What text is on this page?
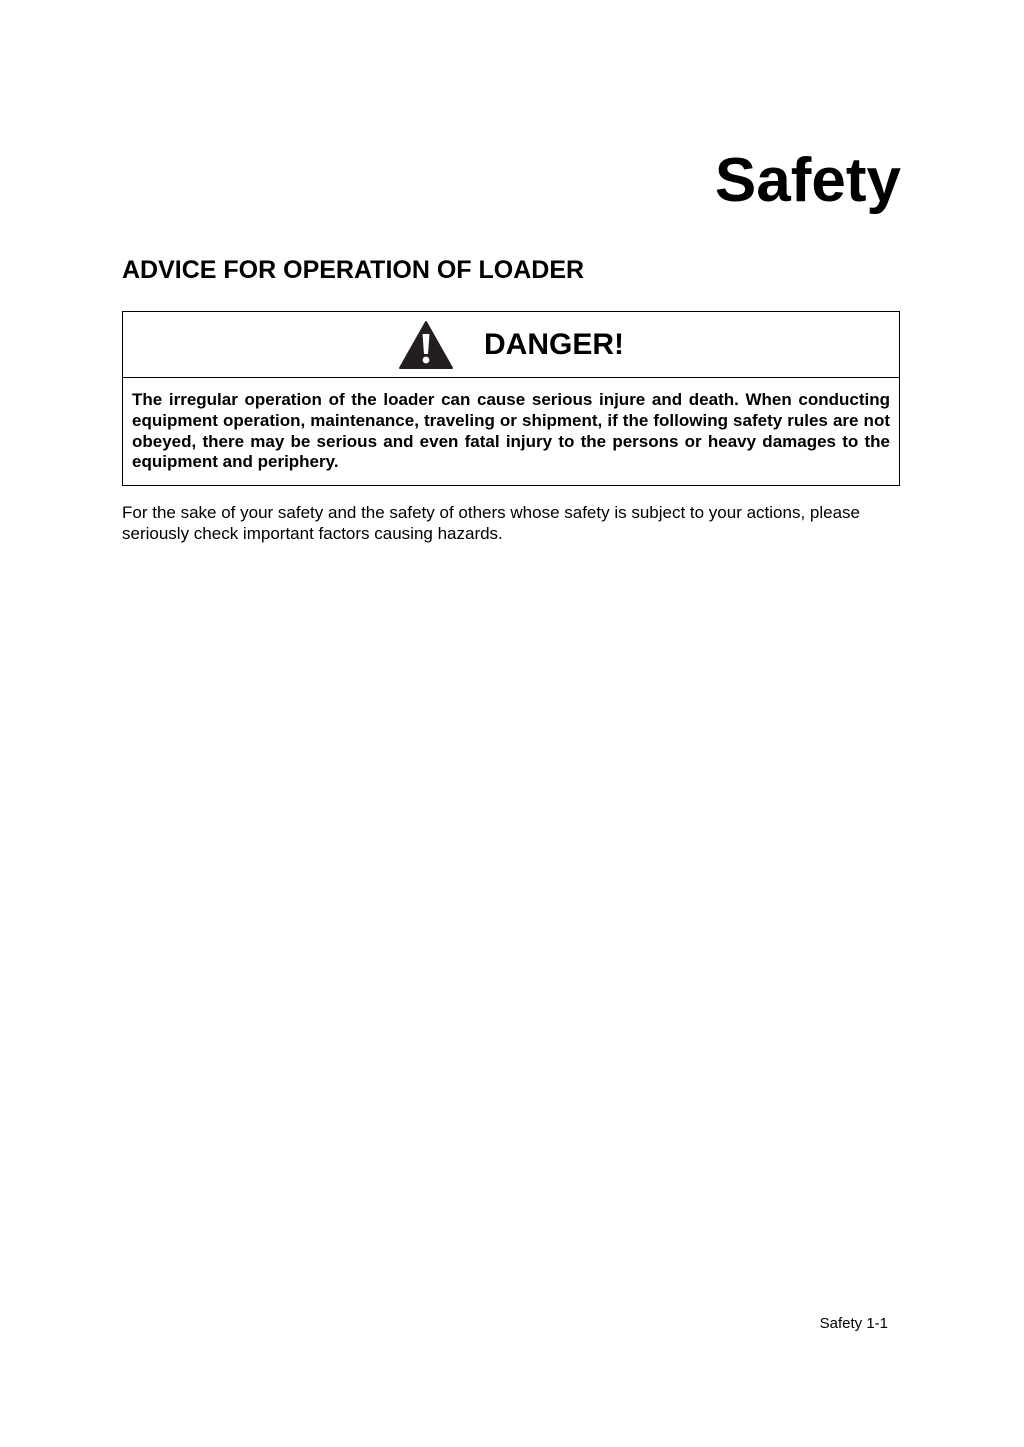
Safety
ADVICE FOR OPERATION OF LOADER
DANGER!
The irregular operation of the loader can cause serious injure and death. When conducting equipment operation, maintenance, traveling or shipment, if the following safety rules are not obeyed, there may be serious and even fatal injury to the persons or heavy damages to the equipment and periphery.

For the sake of your safety and the safety of others whose safety is subject to your actions, please seriously check important factors causing hazards.

Safety 1-1
